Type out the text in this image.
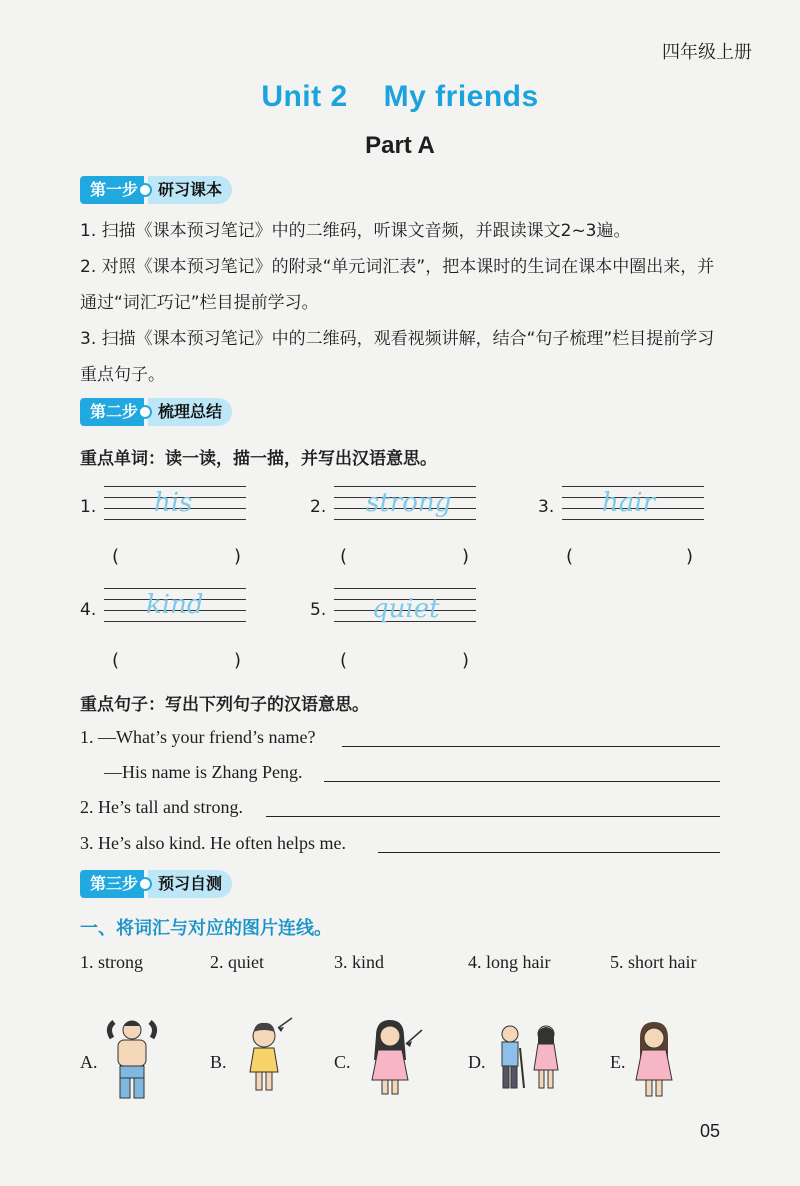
四年级上册
Unit 2 My friends
Part A
第一步	研习课本
1. 扫描《课本预习笔记》中的二维码，听课文音频，并跟读课文2~3遍。
2. 对照《课本预习笔记》的附录“单元词汇表”，把本课时的生词在课本中圈出来，并通过“词汇巧记”栏目提前学习。
3. 扫描《课本预习笔记》中的二维码，观看视频讲解，结合“句子梳理”栏目提前学习重点句子。
第二步	梳理总结
重点单词：读一读，描一描，并写出汉语意思。
1. his
(	)
2. strong
(	)
3. hair
(	)
4. kind
(	)
5. quiet
(	)
重点句子：写出下列句子的汉语意思。
1. —What’s your friend’s name?
—His name is Zhang Peng.
2. He’s tall and strong.
3. He’s also kind. He often helps me.
第三步	预习自测
一、将词汇与对应的图片连线。
1. strong	2. quiet	3. kind	4. long hair	5. short hair
A.	B.	C.	D.	E.
05
